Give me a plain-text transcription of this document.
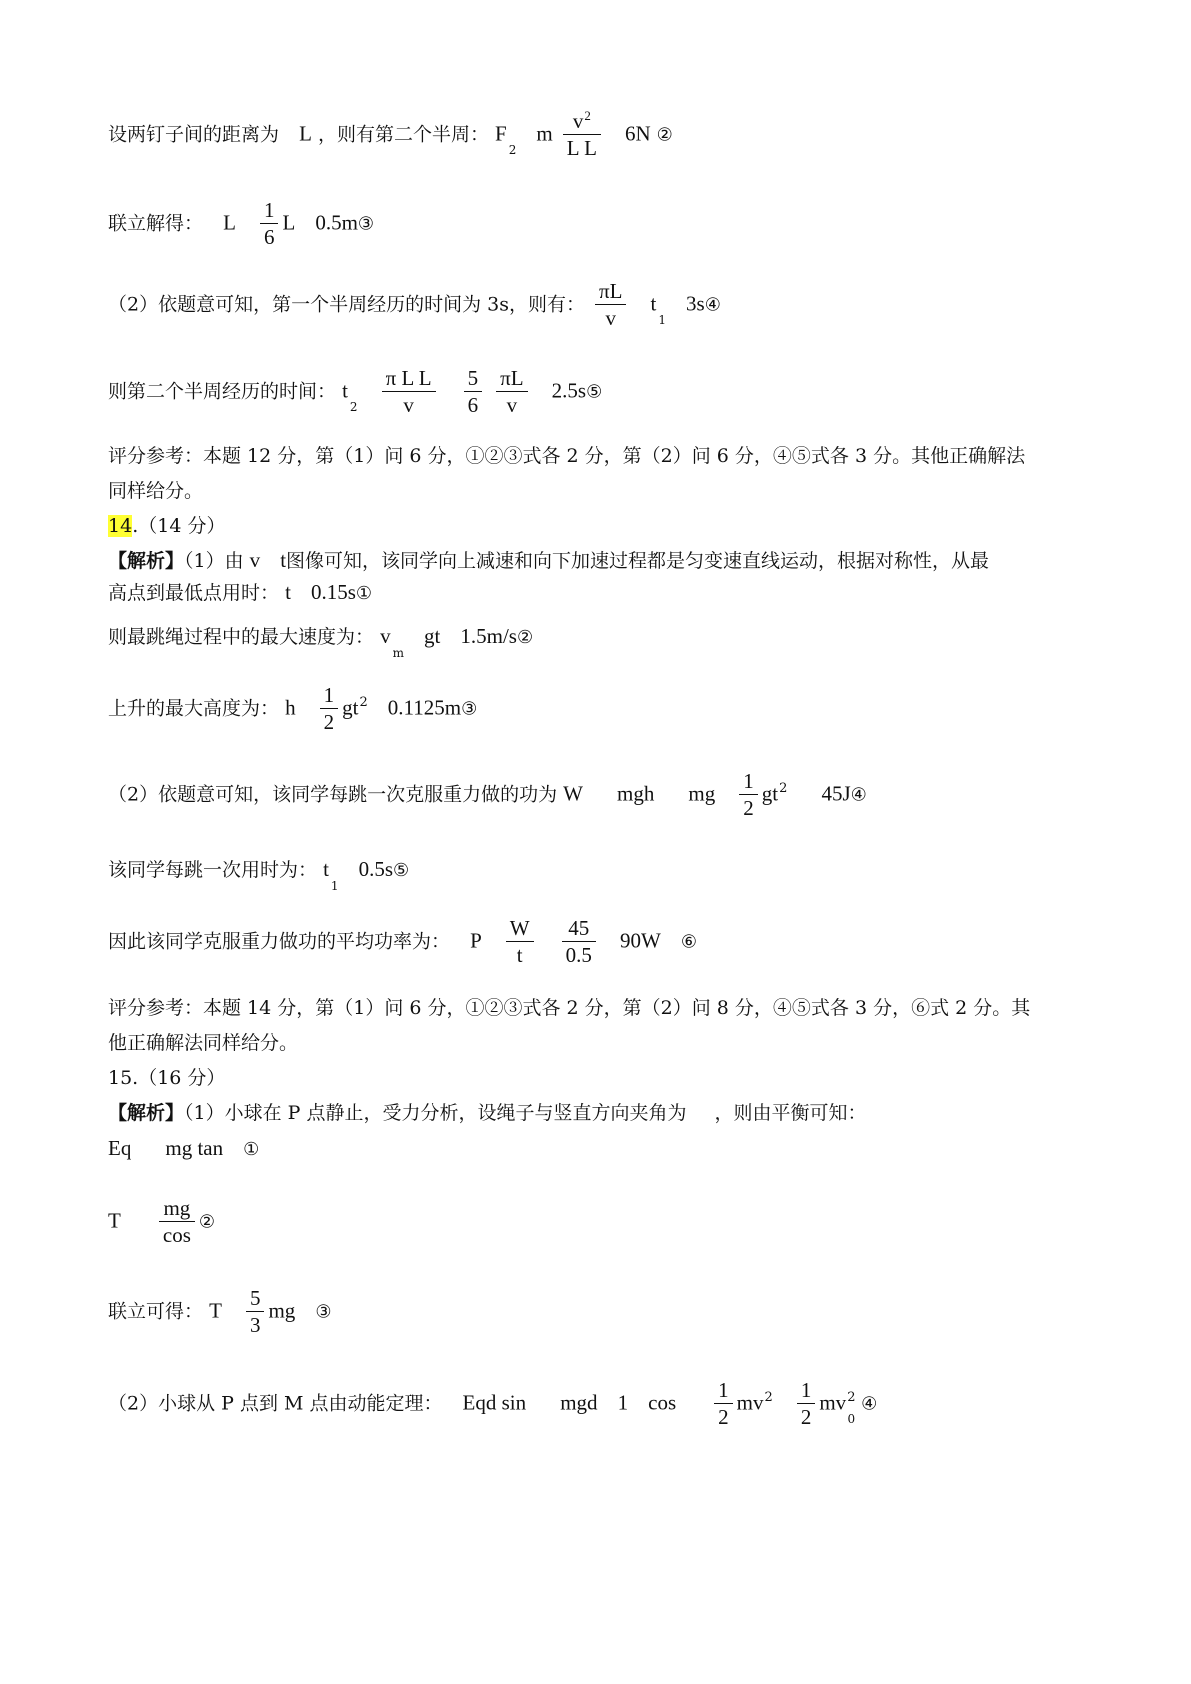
设两钉子间的距离为 L ，则有第二个半周： $F_2$ m $\frac{v^2}{\text{L L}} 6N$ ②
联立解得： L $\frac{1}{6}$ L 0.5m③
（2）依题意可知，第一个半周经历的时间为 3s，则有： $\frac{\pi L}{v} t_1$ 3s④
则第二个半周经历的时间： $t_2 \frac{\text{π L L}}{v}$
$\frac{5}{6}$
$\frac{\pi L}{v}$ 2.5s⑤
评分参考：本题 12 分，第（1）问 6 分，①②③式各 2 分，第（2）问 6 分，④⑤式各 3 分。其他正确解法
同样给分。
14.（14 分）
【解析】（1）由 v t图像可知，该同学向上减速和向下加速过程都是匀变速直线运动，根据对称性，从最
高点到最低点用时： t 0.15s①
则最跳绳过程中的最大速度为： $v_m$ gt 1.5m/s②
上升的最大高度为： h $\frac{1}{2} gt^2$ 0.1125m③
（2）依题意可知，该同学每跳一次克服重力做的功为 W mgh mg $\frac{1}{2} gt^2$ 45J④
该同学每跳一次用时为： $t_1$ 0.5s⑤
因此该同学克服重力做功的平均功率为： P $\frac{W}{t}$
$\frac{45}{0.5} 90W$ ⑥
评分参考：本题 14 分，第（1）问 6 分，①②③式各 2 分，第（2）问 8 分，④⑤式各 3 分，⑥式 2 分。其
他正确解法同样给分。
15.（16 分）
【解析】（1）小球在 P 点静止，受力分析，设绳子与竖直方向夹角为 ，则由平衡可知：
Eq mg tan ①
T $\frac{mg}{\cos}$ ②
联立可得： T $\frac{5}{3}$ mg ③
（2）小球从 P 点到 M 点由动能定理： Eqd sin mgd 1 $\cos \frac{1}{2} mv^2 \frac{1}{2} mv^2_0$ ④
